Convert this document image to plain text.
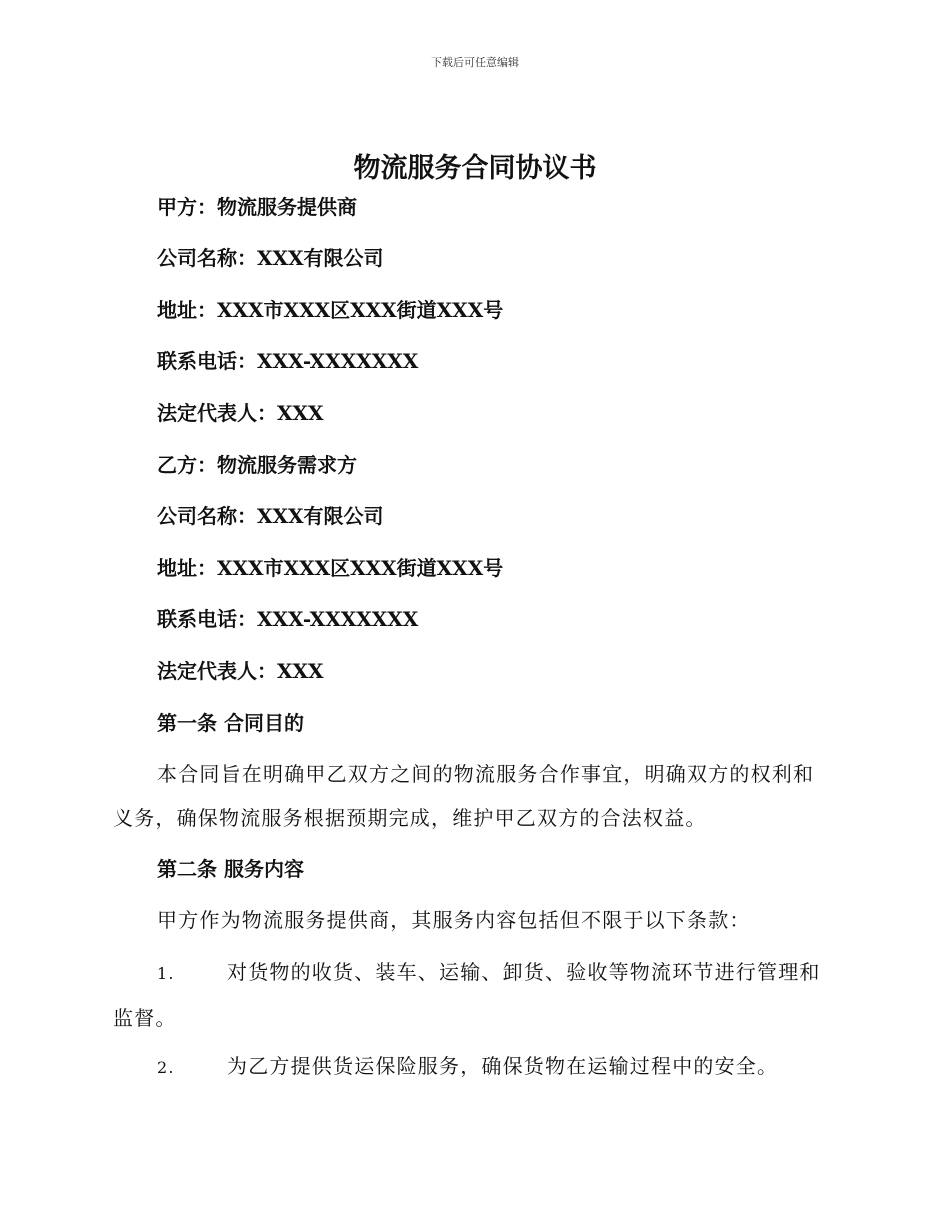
下载后可任意编辑
物流服务合同协议书
甲方：物流服务提供商
公司名称：XXX有限公司
地址：XXX市XXX区XXX街道XXX号
联系电话：XXX-XXXXXXX
法定代表人：XXX
乙方：物流服务需求方
公司名称：XXX有限公司
地址：XXX市XXX区XXX街道XXX号
联系电话：XXX-XXXXXXX
法定代表人：XXX
第一条 合同目的
本合同旨在明确甲乙双方之间的物流服务合作事宜，明确双方的权利和
义务，确保物流服务根据预期完成，维护甲乙双方的合法权益。
第二条 服务内容
甲方作为物流服务提供商，其服务内容包括但不限于以下条款：
1.	对货物的收货、装车、运输、卸货、验收等物流环节进行管理和
监督。
2.	为乙方提供货运保险服务，确保货物在运输过程中的安全。
